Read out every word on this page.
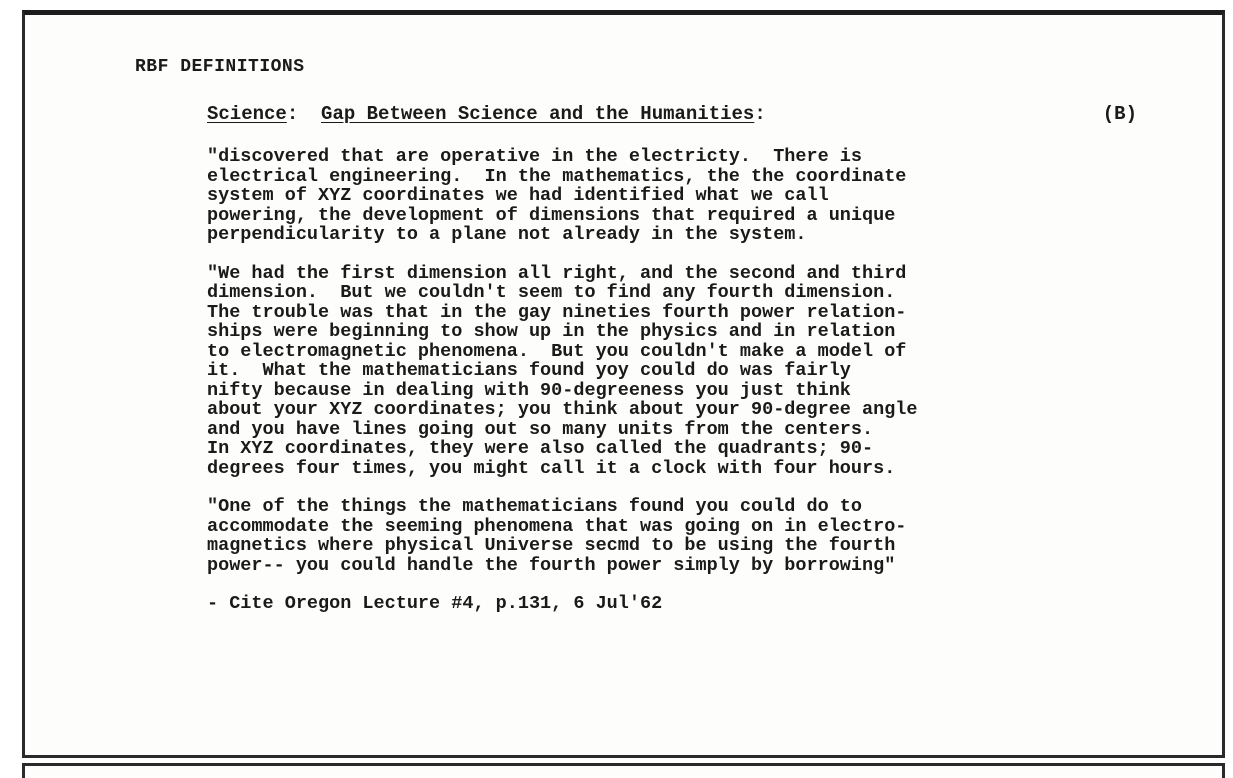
RBF DEFINITIONS
Science: Gap Between Science and the Humanities:	(B)

"discovered that are operative in the electricty.  There is
electrical engineering.  In the mathematics, the the coordinate
system of XYZ coordinates we had identified what we call
powering, the development of dimensions that required a unique
perpendicularity to a plane not already in the system.

"We had the first dimension all right, and the second and third
dimension.  But we couldn't seem to find any fourth dimension.
The trouble was that in the gay nineties fourth power relation-
ships were beginning to show up in the physics and in relation
to electromagnetic phenomena.  But you couldn't make a model of
it.  What the mathematicians found yoy could do was fairly
nifty because in dealing with 90-degreeness you just think
about your XYZ coordinates; you think about your 90-degree angle
and you have lines going out so many units from the centers.
In XYZ coordinates, they were also called the quadrants; 90-
degrees four times, you might call it a clock with four hours.

"One of the things the mathematicians found you could do to
accommodate the seeming phenomena that was going on in electro-
magnetics where physical Universe secmd to be using the fourth
power-- you could handle the fourth power simply by borrowing"

- Cite Oregon Lecture #4, p.131, 6 Jul'62
